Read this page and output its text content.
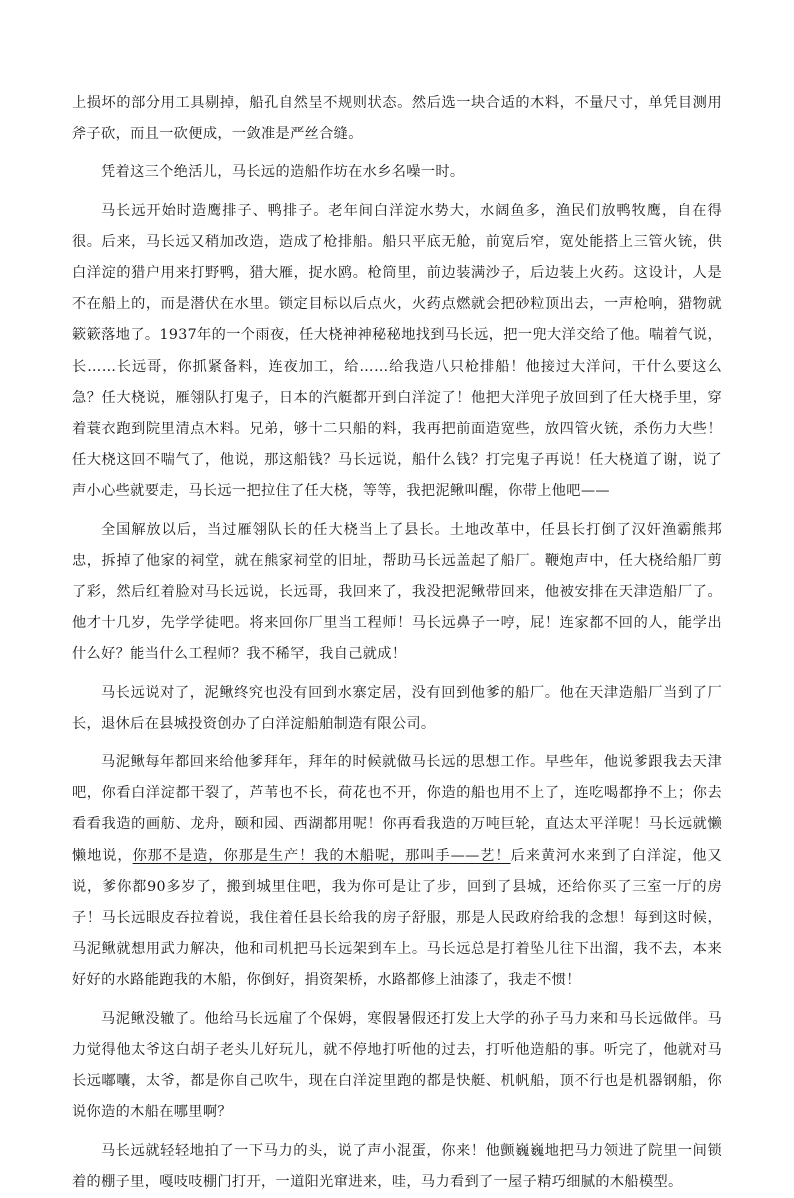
上损坏的部分用工具剔掉，船孔自然呈不规则状态。然后选一块合适的木料，不量尺寸，单凭目测用斧子砍，而且一砍便成，一敛准是严丝合缝。

凭着这三个绝活儿，马长远的造船作坊在水乡名噪一时。

马长远开始时造鹰排子、鸭排子。老年间白洋淀水势大，水阔鱼多，渔民们放鸭牧鹰，自在得很。后来，马长远又稍加改造，造成了枪排船。船只平底无舱，前宽后窄，宽处能搭上三管火铳，供白洋淀的猎户用来打野鸭，猎大雁，捉水鸥。枪筒里，前边装满沙子，后边装上火药。这设计，人是不在船上的，而是潜伏在水里。锁定目标以后点火，火药点燃就会把砂粒顶出去，一声枪响，猎物就簌簌落地了。1937年的一个雨夜，任大桡神神秘秘地找到马长远，把一兜大洋交给了他。喘着气说，长……长远哥，你抓紧备料，连夜加工，给……给我造八只枪排船！他接过大洋问，干什么要这么急？任大桡说，雁翎队打鬼子，日本的汽艇都开到白洋淀了！他把大洋兜子放回到了任大桡手里，穿着蓑衣跑到院里清点木料。兄弟，够十二只船的料，我再把前面造宽些，放四管火铳，杀伤力大些！任大桡这回不喘气了，他说，那这船钱？马长远说，船什么钱？打完鬼子再说！任大桡道了谢，说了声小心些就要走，马长远一把拉住了任大桡，等等，我把泥鳅叫醒，你带上他吧——

全国解放以后，当过雁翎队长的任大桡当上了县长。土地改革中，任县长打倒了汉奸渔霸熊邦忠，拆掉了他家的祠堂，就在熊家祠堂的旧址，帮助马长远盖起了船厂。鞭炮声中，任大桡给船厂剪了彩，然后红着脸对马长远说，长远哥，我回来了，我没把泥鳅带回来，他被安排在天津造船厂了。他才十几岁，先学学徒吧。将来回你厂里当工程师！马长远鼻子一哼，屁！连家都不回的人，能学出什么好？能当什么工程师？我不稀罕，我自己就成！

马长远说对了，泥鳅终究也没有回到水寨定居，没有回到他爹的船厂。他在天津造船厂当到了厂长，退休后在县城投资创办了白洋淀船舶制造有限公司。

马泥鳅每年都回来给他爹拜年，拜年的时候就做马长远的思想工作。早些年，他说爹跟我去天津吧，你看白洋淀都干裂了，芦苇也不长，荷花也不开，你造的船也用不上了，连吃喝都挣不上；你去看看我造的画舫、龙舟，颐和园、西湖都用呢！你再看我造的万吨巨轮，直达太平洋呢！马长远就懒懒地说，你那不是造，你那是生产！我的木船呢，那叫手——艺！后来黄河水来到了白洋淀，他又说，爹你都90多岁了，搬到城里住吧，我为你可是让了步，回到了县城，还给你买了三室一厅的房子！马长远眼皮吞拉着说，我住着任县长给我的房子舒服，那是人民政府给我的念想！每到这时候，马泥鳅就想用武力解决，他和司机把马长远架到车上。马长远总是打着坠儿往下出溜，我不去，本来好好的水路能跑我的木船，你倒好，捐资架桥，水路都修上油漆了，我走不惯！

马泥鳅没辙了。他给马长远雇了个保姆，寒假暑假还打发上大学的孙子马力来和马长远做伴。马力觉得他太爷这白胡子老头儿好玩儿，就不停地打听他的过去，打听他造船的事。听完了，他就对马长远嘟囔，太爷，都是你自己吹牛，现在白洋淀里跑的都是快艇、机帆船，顶不行也是机器钢船，你说你造的木船在哪里啊？

马长远就轻轻地拍了一下马力的头，说了声小混蛋，你来！他颤巍巍地把马力领进了院里一间锁着的棚子里，嘎吱吱棚门打开，一道阳光窜进来，哇，马力看到了一屋子精巧细腻的木船模型。
